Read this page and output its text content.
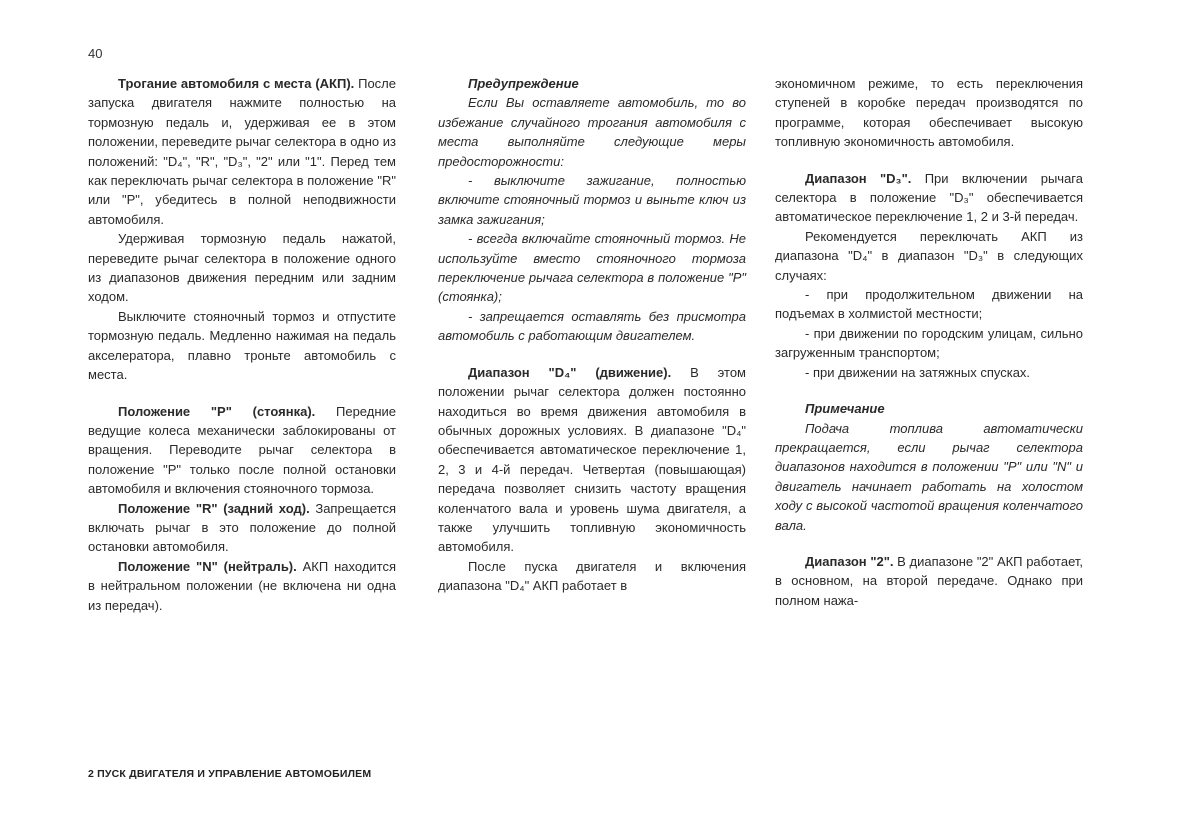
40

Трогание автомобиля с места (АКП). После запуска двигателя нажмите полностью на тормозную педаль и, удерживая ее в этом положении, переведите рычаг селектора в одно из положений: "D₄", "R", "D₃", "2" или "1". Перед тем как переключать рычаг селектора в положение "R" или "P", убедитесь в полной неподвижности автомобиля.

Удерживая тормозную педаль нажатой, переведите рычаг селектора в положение одного из диапазонов движения передним или задним ходом.

Выключите стояночный тормоз и отпустите тормозную педаль. Медленно нажимая на педаль акселератора, плавно троньте автомобиль с места.

Положение "P" (стоянка). Передние ведущие колеса механически заблокированы от вращения. Переводите рычаг селектора в положение "P" только после полной остановки автомобиля и включения стояночного тормоза.

Положение "R" (задний ход). Запрещается включать рычаг в это положение до полной остановки автомобиля.

Положение "N" (нейтраль). АКП находится в нейтральном положении (не включена ни одна из передач).

Предупреждение

Если Вы оставляете автомобиль, то во избежание случайного трогания автомобиля с места выполняйте следующие меры предосторожности:

- выключите зажигание, полностью включите стояночный тормоз и выньте ключ из замка зажигания;

- всегда включайте стояночный тормоз. Не используйте вместо стояночного тормоза переключение рычага селектора в положение "P" (стоянка);

- запрещается оставлять без присмотра автомобиль с работающим двигателем.

Диапазон "D₄" (движение). В этом положении рычаг селектора должен постоянно находиться во время движения автомобиля в обычных дорожных условиях. В диапазоне "D₄" обеспечивается автоматическое переключение 1, 2, 3 и 4-й передач. Четвертая (повышающая) передача позволяет снизить частоту вращения коленчатого вала и уровень шума двигателя, а также улучшить топливную экономичность автомобиля.

После пуска двигателя и включения диапазона "D₄" АКП работает в

экономичном режиме, то есть переключения ступеней в коробке передач производятся по программе, которая обеспечивает высокую топливную экономичность автомобиля.

Диапазон "D₃". При включении рычага селектора в положение "D₃" обеспечивается автоматическое переключение 1, 2 и 3-й передач.

Рекомендуется переключать АКП из диапазона "D₄" в диапазон "D₃" в следующих случаях:

- при продолжительном движении на подъемах в холмистой местности;

- при движении по городским улицам, сильно загруженным транспортом;

- при движении на затяжных спусках.

Примечание

Подача топлива автоматически прекращается, если рычаг селектора диапазонов находится в положении "P" или "N" и двигатель начинает работать на холостом ходу с высокой частотой вращения коленчатого вала.

Диапазон "2". В диапазоне "2" АКП работает, в основном, на второй передаче. Однако при полном нажа-

2 ПУСК ДВИГАТЕЛЯ И УПРАВЛЕНИЕ АВТОМОБИЛЕМ
